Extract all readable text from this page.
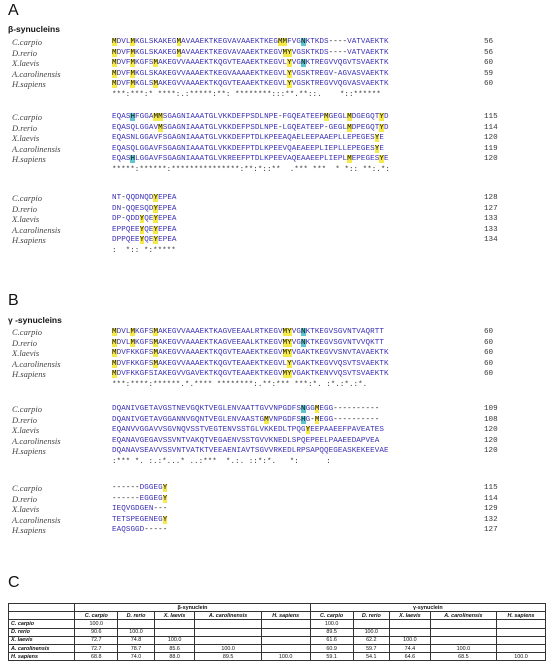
A
β-synucleins
C.carpio	MDVLMKGLSKAKEGMAVAAEKTKEGVAVAAEKTKEGMMFVGNKTKDS----VATVAEKTK	56
D.rerio	MDVFMKGLSKAKEGMAVAAEKTKEGVAVAAEKTKEGVMYVGSKTKDS----VATVAEKTK	56
X.laevis	MDVFMKGFSMAKEGVVAAAEKTKQGVTEAAEKTKEGVLYVGNKTREGVVQGVTSVAEKTK	60
A.carolinensis	MDVFMKGLSKAKEGVVAAAEKTKEGVAAAAEKTKEGVLYVGSKTREGV-AGVASVAEKTK	59
H.sapiens	MDVFMKGLSMAKEGVVAAAEKTKQGVTEAAEKTKEGVLYVGSKTREGVVQGVASVAEKTK	60
***:***:* ****:.:*****:**: ********:::**.**::.    *::******
C.carpio	EQASHFGGAMMSGAGNIAAATGLVKKDEFPSDLNPE-FGQEATEEPMGEGLMDGEGQTYD	115
D.rerio	EQASQLGGAVMSGAGNIAAATGLVKKDEFPSDLNPE-LGQEATEEP-GEGLMDPEGQTYD	114
X.laevis	EQASNLGGAVFSGAGNIAAATGLVKKDEFPTDLKPEEAQAELEEPAAEPLLEPEGESYE	120
A.carolinensis	EQASQLGGAVFSGAGNIAAATGLVKKDEFPTDLKPEEVQAEAEEPLIEPLLEPEGESYE	119
H.sapiens	EQASHLGGAVFSGAGNIAAATGLVKREEFPTDLKPEEVAQEAAEEPLIEPLMEPEGESYE	120
*****:******:***************:**:*::**  .*** ***  * *:: **:.*:
C.carpio	NT-QQDNQDYEPEA	128
D.rerio	DN-QQESQDYEPEA	127
X.laevis	DP-QDDYQEYEPEA	133
A.carolinensis	EPPQEEYQEYEPEA	133
H.sapiens	DPPQEEYQEYEPEA	134
:  *:: *:*****
B
γ -synucleins
C.carpio	MDVLMKGFSMAKEGVVAAAEKTKAGVEEAALRTKEGVMYVGNKTKEGVSGVNTVAQRTT	60
D.rerio	MDVLMKGFSMAKEGVVAAAEKTKAGVEEAALKTKEGVMYVGNKTKEGVSGVNTVVQKTT	60
X.laevis	MDVFKKGFSMAKEGVVAAAEKTKQGVTEAAEKTKEGVMYVGAKTKEGVVSNVTAVAEKTK	60
A.carolinensis	MDVFKKGFSMAKEGVVAAAEKTKQGVTEAAEKTKEGVLYVGAKTKEGVVQSVTSVAEKTK	60
H.sapiens	MDVFKKGFSIAKEGVVGAVEKTKQGVTEAAEKTKEGVMYVGAKTKENVVQSVTSVAEKTK	60
***:****:******.*.**** ********:.**:*** ***:*. :*.:*.:*.
C.carpio	DQANIVGETAVGSTNEVGQKTVEGLENVAATTGVVNPGDFSNGGMEGG----------	109
D.rerio	DQANIVGETAVGGANNVGQNTVEGLENVAASTGMVNPGDFSHG-MEGG----------	108
X.laevis	EQANVVGGAVVSGVNQVSSTVEGTENVSSTGLVKKEDLTPQGYEEPAAEEFPAVEATES	120
A.carolinensis	EQANAVGEGAVSSVNTVAKQTVEGAENVSSTGVVKNEDLSPQEPEELPAAEEDAPVEA	120
H.sapiens	DQANAVSEAVVSSVNTVATKTVEEAENIAVTSGVVRKEDLRPSAPQQEGEASKEKEEVAE	120
:*** *. :.:*...* ..:***  *.:. ::*:*.   *:      :
C.carpio	------DGGEGY	115
D.rerio	------EGGEGY	114
X.laevis	IEQVGDGEN---	129
A.carolinensis	TETSPEGENEGY	132
H.sapiens	EAQSGGD-----	127
C
	β-synuclein					γ-synuclein				
	C. carpio	D. rerio	X. laevis	A. carolinensis	H. sapiens	C. carpio	D. rerio	X. laevis	A. carolinensis	H. sapiens
C. carpio	100.0					100.0				
D. rerio	90.6	100.0				89.5	100.0			
X. laevis	72.7	74.8	100.0			61.6	62.2	100.0		
A. carolinensis	72.7	78.7	85.6	100.0		60.9	59.7	74.4	100.0	
H. sapiens	68.8	74.0	88.0	89.5	100.0	59.1	54.1	64.6	68.5	100.0
